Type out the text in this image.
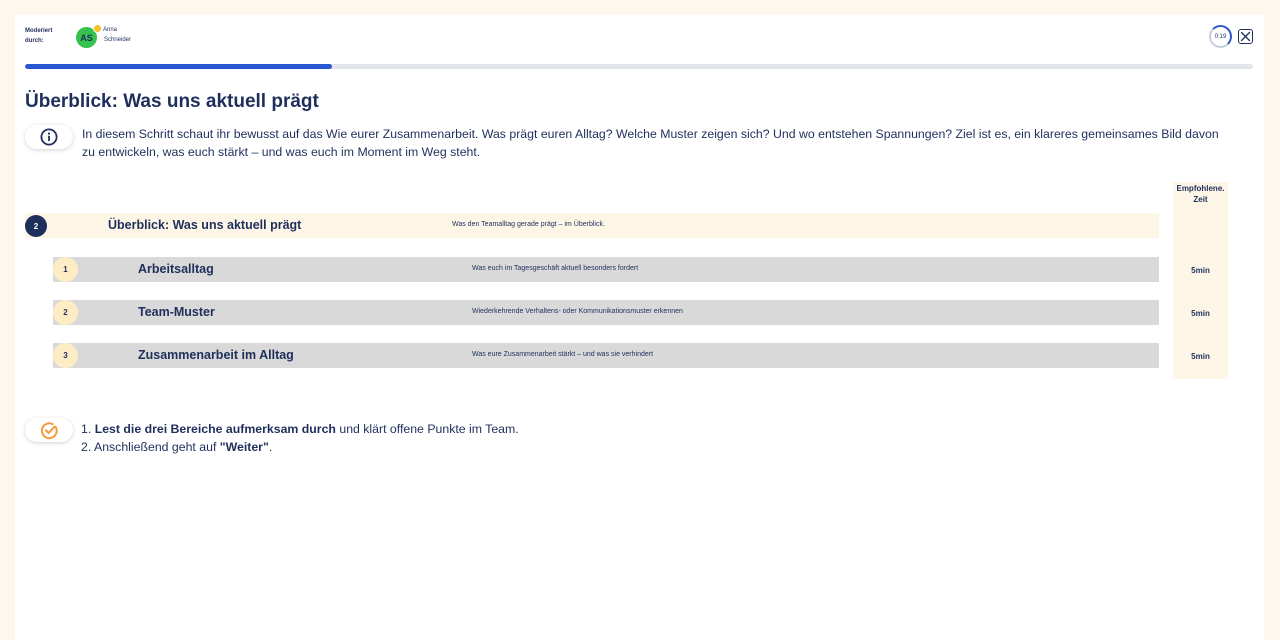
Moderiert durch:	AS
Anna
Schneider
0:19
Überblick: Was uns aktuell prägt
In diesem Schritt schaut ihr bewusst auf das Wie eurer Zusammenarbeit. Was prägt euren Alltag? Welche Muster zeigen sich? Und wo entstehen Spannungen? Ziel ist es, ein klareres gemeinsames Bild davon zu entwickeln, was euch stärkt – und was euch im Moment im Weg steht.
Empfohlene. Zeit
2	Überblick: Was uns aktuell prägt	Was den Teamalltag gerade prägt – im Überblick.
1	Arbeitsalltag	Was euch im Tagesgeschäft aktuell besonders fordert	5min
2	Team-Muster	Wiederkehrende Verhaltens- oder Kommunikationsmuster erkennen	5min
3	Zusammenarbeit im Alltag	Was eure Zusammenarbeit stärkt – und was sie verhindert	5min
1. Lest die drei Bereiche aufmerksam durch und klärt offene Punkte im Team.
2. Anschließend geht auf "Weiter".
